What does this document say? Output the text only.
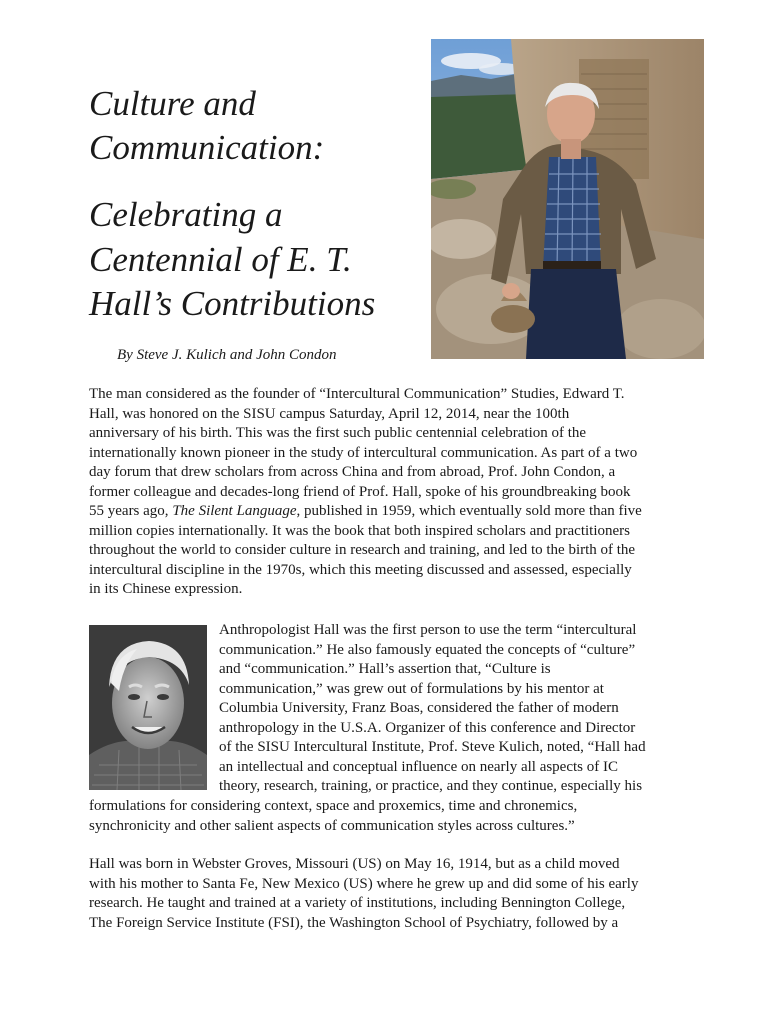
Culture and
Communication:
Celebrating a
Centennial of E. T.
Hall’s Contributions
By Steve J. Kulich and John Condon

The man considered as the founder of “Intercultural Communication” Studies, Edward T.
Hall, was honored on the SISU campus Saturday, April 12, 2014, near the 100th
anniversary of his birth. This was the first such public centennial celebration of the
internationally known pioneer in the study of intercultural communication. As part of a two
day forum that drew scholars from across China and from abroad, Prof. John Condon, a
former colleague and decades-long friend of Prof. Hall, spoke of his groundbreaking book
55 years ago, The Silent Language, published in 1959, which eventually sold more than five
million copies internationally. It was the book that both inspired scholars and practitioners
throughout the world to consider culture in research and training, and led to the birth of the
intercultural discipline in the 1970s, which this meeting discussed and assessed, especially
in its Chinese expression.

Anthropologist Hall was the first person to use the term “intercultural
communication.” He also famously equated the concepts of “culture”
and “communication.” Hall’s assertion that, “Culture is
communication,” was grew out of formulations by his mentor at
Columbia University, Franz Boas, considered the father of modern
anthropology in the U.S.A. Organizer of this conference and Director
of the SISU Intercultural Institute, Prof. Steve Kulich, noted, “Hall had
an intellectual and conceptual influence on nearly all aspects of IC
theory, research, training, or practice, and they continue, especially his

formulations for considering context, space and proxemics, time and chronemics,
synchronicity and other salient aspects of communication styles across cultures.”

Hall was born in Webster Groves, Missouri (US) on May 16, 1914, but as a child moved
with his mother to Santa Fe, New Mexico (US) where he grew up and did some of his early
research. He taught and trained at a variety of institutions, including Bennington College,
The Foreign Service Institute (FSI), the Washington School of Psychiatry, followed by a
